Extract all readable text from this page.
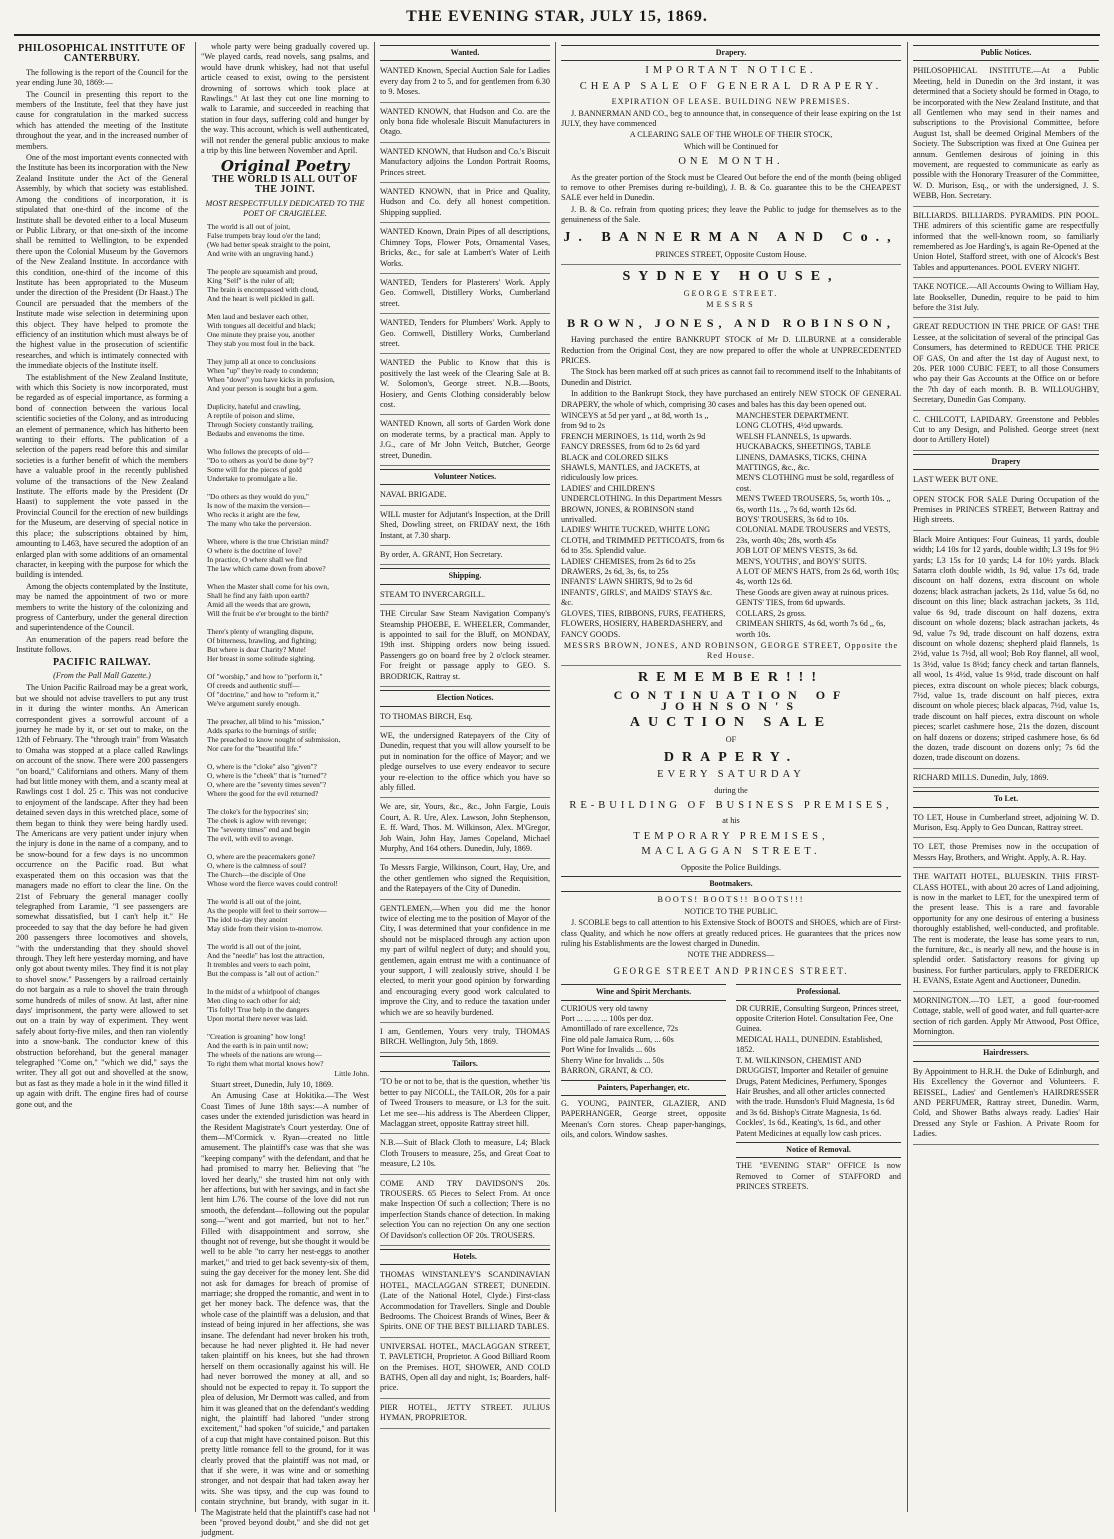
THE EVENING STAR, JULY 15, 1869.

PHILOSOPHICAL INSTITUTE OF CANTERBURY.

The following is the report of the Council for the year ending June 30, 1869:—

The Council in presenting this report to the members of the Institute, feel that they have just cause for congratulation in the marked success which has attended the meeting of the Institute throughout the year, and in the increased number of members.

One of the most important events connected with the Institute has been its incorporation with the New Zealand Institute under the Act of the General Assembly, by which that society was established. Among the conditions of incorporation, it is stipulated that one-third of the income of the Institute shall be devoted either to a local Museum or Public Library, or that one-sixth of the income shall be remitted to Wellington, to be expended there upon the Colonial Museum by the Governors of the New Zealand Institute. In accordance with this condition, one-third of the income of this Institute has been appropriated to the Museum under the direction of the President (Dr Haast.) The Council are persuaded that the members of the Institute made wise selection in determining upon this object. They have helped to promote the efficiency of an institution which must always be of the highest value in the prosecution of scientific researches, and which is intimately connected with the immediate objects of the Institute itself.

The establishment of the New Zealand Institute, with which this Society is now incorporated, must be regarded as of especial importance, as forming a bond of connection between the various local scientific societies of the Colony, and as introducing an element of permanence, which has hitherto been wanting to their efforts. The publication of a selection of the papers read before this and similar societies is a further benefit of which the members have a valuable proof in the recently published volume of the transactions of the New Zealand Institute. The efforts made by the President (Dr Haast) to supplement the vote passed in the Provincial Council for the erection of new buildings for the Museum, are deserving of special notice in this place; the subscriptions obtained by him, amounting to L463, have secured the adoption of an enlarged plan with some additions of an ornamental character, in keeping with the purpose for which the building is intended.

Among the objects contemplated by the Institute, may be named the appointment of two or more members to write the history of the colonizing and progress of Canterbury, under the general direction and superintendence of the Council.

An enumeration of the papers read before the Institute follows.

PACIFIC RAILWAY.

(From the Pall Mall Gazette.)

The Union Pacific Railroad may be a great work, but we should not advise travellers to put any trust in it during the winter months. An American correspondent gives a sorrowful account of a journey he made by it, or set out to make, on the 12th of February. The "through train" from Wasatch to Omaha was stopped at a place called Rawlings on account of the snow. There were 200 passengers "on board," Californians and others. Many of them had but little money with them, and a scanty meal at Rawlings cost 1 dol. 25 c. This was not conducive to enjoyment of the landscape. After they had been detained seven days in this wretched place, some of them began to think they were being hardly used. The Americans are very patient under injury when the injury is done in the name of a company, and to be snow-bound for a few days is no uncommon occurrence on the Pacific road. But what exasperated them on this occasion was that the managers made no effort to clear the line. On the 21st of February the general manager coolly telegraphed from Laramie, "I see passengers are somewhat dissatisfied, but I can't help it." He proceeded to say that the day before he had given 200 passengers three locomotives and shovels, "with the understanding that they should shovel through. They left here yesterday morning, and have only got about twenty miles. They find it is not play to shovel snow." Passengers by a railroad certainly do not bargain as a rule to shovel the train through some hundreds of miles of snow. At last, after nine days' imprisonment, the party were allowed to set out on a train by way of experiment. They went safely about forty-five miles, and then ran violently into a snow-bank. The conductor knew of this obstruction beforehand, but the general manager telegraphed "Come on," "which we did," says the writer. They all got out and shovelled at the snow, but as fast as they made a hole in it the wind filled it up again with drift. The engine fires had of course gone out, and the

whole party were being gradually covered up. "We played cards, read novels, sang psalms, and would have drunk whiskey, had not that useful article ceased to exist, owing to the persistent drowning of sorrows which took place at Rawlings." At last they cut one line morning to walk to Laramie, and succeeded in reaching that station in four days, suffering cold and hunger by the way. This account, which is well authenticated, will not render the general public anxious to make a trip by this line between November and April.

Original Poetry

THE WORLD IS ALL OUT OF THE JOINT.

MOST RESPECTFULLY DEDICATED TO THE POET OF CRAIGIELEE.

The world is all out of joint,
False trumpets bray loud o'er the land;
(We had better speak straight to the point,
And write with an ungraving hand.)

The people are squeamish and proud,
King "Self" is the ruler of all;
The brain is encompassed with cloud,
And the heart is well pickled in gall.

Men laud and beslaver each other,
With tongues all deceitful and black;
One minute they praise you, another
They stab you most foul in the back.

They jump all at once to conclusions
When "up" they're ready to condemn;
When "down" you have kicks in profusion,
And your person is sought but a gem.

Duplicity, hateful and crawling,
A reptile of poison and slime,
Through Society constantly trailing,
Bedaubs and envenoms the time.

Who follows the precepts of old—
"Do to others as you'd be done by"?
Some will for the pieces of gold
Undertake to promulgate a lie.

"Do others as they would do you,"
Is now of the maxim the version—
Who recks it aright are the few,
The many who take the perversion.

Where, where is the true Christian mind?
O where is the doctrine of love?
In practice, O where shall we find
The law which came down from above?

When the Master shall come for his own,
Shall he find any faith upon earth?
Amid all the weeds that are grown,
Will the fruit be e'er brought to the birth?

There's plenty of wrangling dispute,
Of bitterness, brawling, and fighting;
But where is dear Charity? Mute!
Her breast in some solitude sighting.

Of "worship," and how to "perform it,"
Of creeds and authentic stuff—
Of "doctrine," and how to "reform it,"
We've argument surely enough.

The preacher, all blind to his "mission,"
Adds sparks to the burnings of strife;
The preached to know nought of submission,
Nor care for the "beautiful life."

O, where is the "cloke" also "given"?
O, where is the "cheek" that is "turned"?
O, where are the "seventy times seven"?
Where the good for the evil returned?

The cloke's for the hypocrites' sin;
The cheek is aglow with revenge;
The "seventy times" end and begin
The evil, with evil to avenge.

O, where are the peacemakers gone?
O, where is the calmness of soul?
The Church—the disciple of One
Whose word the fierce waves could control!

The world is all out of the joint,
As the people will feel to their sorrow—
The idol to-day they anoint
May slide from their vision to-morrow.

The world is all out of the joint,
And the "needle" has lost the attraction,
It trembles and veers to each point,
But the compass is "all out of action."

In the midst of a whirlpool of changes
Men cling to each other for aid;
'Tis folly! True help in the dangers
Upon mortal there never was laid.

"Creation is groaning" how long!
And the earth is in pain until now;
The wheels of the nations are wrong—
To right them what mortal knows how?

Little John.

Stuart street, Dunedin, July 10, 1869.

An Amusing Case at Hokitika.—The West Coast Times of June 18th says:—A number of cases under the extended jurisdiction was heard in the Resident Magistrate's Court yesterday. One of them—M'Cormick v. Ryan—created no little amusement. The plaintiff's case was that she was "keeping company" with the defendant, and that he had promised to marry her. Believing that "he loved her dearly," she trusted him not only with her affections, but with her savings, and in fact she lent him L76. The course of the love did not run smooth, the defendant—following out the popular song—"went and got married, but not to her." Filled with disappointment and sorrow, she thought not of revenge, but she thought it would be well to be able "to carry her nest-eggs to another market," and tried to get back seventy-six of them, suing the gay deceiver for the money lent. She did not ask for damages for breach of promise of marriage; she dropped the romantic, and went in to get her money back. The defence was, that the whole case of the plaintiff was a delusion, and that instead of being injured in her affections, she was insane. The defendant had never broken his troth, because he had never plighted it. He had never taken plaintiff on his knees, but she had thrown herself on them occasionally against his will. He had never borrowed the money at all, and so should not be expected to repay it. To support the plea of delusion, Mr Dermott was called, and from him it was gleaned that on the defendant's wedding night, the plaintiff had labored "under strong excitement," had spoken "of suicide," and partaken of a cup that might have contained poison. But this pretty little romance fell to the ground, for it was clearly proved that the plaintiff was not mad, or that if she were, it was wine and or something stronger, and not despair that had taken away her wits. She was tipsy, and the cup was found to contain strychnine, but brandy, with sugar in it. The Magistrate held that the plaintiff's case had not been "proved beyond doubt," and she did not get judgment.

Wanted.

WANTED Known, Special Auction Sale for Ladies every day from 2 to 5, and for gentlemen from 6.30 to 9. Moses.

WANTED KNOWN, that Hudson and Co. are the only bona fide wholesale Biscuit Manufacturers in Otago.

WANTED KNOWN, that Hudson and Co.'s Biscuit Manufactory adjoins the London Portrait Rooms, Princes street.

WANTED KNOWN, that in Price and Quality, Hudson and Co. defy all honest competition. Shipping supplied.

WANTED Known, Drain Pipes of all descriptions, Chimney Tops, Flower Pots, Ornamental Vases, Bricks, &c., for sale at Lambert's Water of Leith Works.

WANTED, Tenders for Plasterers' Work. Apply Geo. Cornwell, Distillery Works, Cumberland street.

WANTED, Tenders for Plumbers' Work. Apply to Geo. Cornwell, Distillery Works, Cumberland street.

WANTED the Public to Know that this is positively the last week of the Clearing Sale at B. W. Solomon's, George street. N.B.—Boots, Hosiery, and Gents Clothing considerably below cost.

WANTED Known, all sorts of Garden Work done on moderate terms, by a practical man. Apply to J.G., care of Mr John Veitch, Butcher, George street, Dunedin.

Volunteer Notices.

NAVAL BRIGADE.

WILL muster for Adjutant's Inspection, at the Drill Shed, Dowling street, on FRIDAY next, the 16th Instant, at 7.30 sharp.

By order, A. GRANT, Hon Secretary.

Shipping.

STEAM TO INVERCARGILL.

THE Circular Saw Steam Navigation Company's Steamship PHOEBE, E. WHEELER, Commander, is appointed to sail for the Bluff, on MONDAY, 19th inst. Shipping orders now being issued. Passengers go on board free by 2 o'clock steamer. For freight or passage apply to GEO. S. BRODRICK, Rattray st.

Election Notices.

TO THOMAS BIRCH, Esq.

WE, the undersigned Ratepayers of the City of Dunedin, request that you will allow yourself to be put in nomination for the office of Mayor; and we pledge ourselves to use every endeavor to secure your re-election to the office which you have so ably filled.

We are, sir, Yours, &c., &c., John Fargie, Louis Court, A. R. Ure, Alex. Lawson, John Stephenson, E. ff. Ward, Thos. M. Wilkinson, Alex. M'Gregor, Job Wain, John Hay, James Copeland, Michael Murphy, And 164 others. Dunedin, July, 1869.

To Messrs Fargie, Wilkinson, Court, Hay, Ure, and the other gentlemen who signed the Requisition, and the Ratepayers of the City of Dunedin.

GENTLEMEN,—When you did me the honor twice of electing me to the position of Mayor of the City, I was determined that your confidence in me should not be misplaced through any action upon my part of wilful neglect of duty; and should you, gentlemen, again entrust me with a continuance of your support, I will zealously strive, should I be elected, to merit your good opinion by forwarding and encouraging every good work calculated to improve the City, and to reduce the taxation under which we are so heavily burdened.

I am, Gentlemen, Yours very truly, THOMAS BIRCH. Wellington, July 5th, 1869.

Tailors.

'TO be or not to be, that is the question, whether 'tis better to pay NICOLL, the TAILOR, 20s for a pair of Tweed Trousers to measure, or L3 for the suit. Let me see—his address is The Aberdeen Clipper, Maclaggan street, opposite Rattray street hill.

N.B.—Suit of Black Cloth to measure, L4; Black Cloth Trousers to measure, 25s, and Great Coat to measure, L2 10s.

COME AND TRY DAVIDSON'S 20s. TROUSERS. 65 Pieces to Select From. At once make Inspection Of such a collection; There is no imperfection Stands chance of detection. In making selection You can no rejection On any one section Of Davidson's collection OF 20s. TROUSERS.

Hotels.

THOMAS WINSTANLEY'S SCANDINAVIAN HOTEL, MACLAGGAN STREET, DUNEDIN. (Late of the National Hotel, Clyde.) First-class Accommodation for Travellers. Single and Double Bedrooms. The Choicest Brands of Wines, Beer & Spirits. ONE OF THE BEST BILLIARD TABLES.

UNIVERSAL HOTEL, MACLAGGAN STREET, T. PAVLETICH, Proprietor. A Good Billiard Room on the Premises. HOT, SHOWER, AND COLD BATHS, Open all day and night, 1s; Boarders, half-price.

PIER HOTEL, JETTY STREET. JULIUS HYMAN, PROPRIETOR.

Drapery.

IMPORTANT NOTICE.

CHEAP SALE OF GENERAL DRAPERY.

EXPIRATION OF LEASE. BUILDING NEW PREMISES.

J. BANNERMAN AND CO., beg to announce that, in consequence of their lease expiring on the 1st JULY, they have commenced

A CLEARING SALE OF THE WHOLE OF THEIR STOCK,

Which will be Continued for

ONE MONTH.

As the greater portion of the Stock must be Cleared Out before the end of the month (being obliged to remove to other Premises during re-building), J. B. & Co. guarantee this to be the CHEAPEST SALE ever held in Dunedin.

J. B. & Co. refrain from quoting prices; they leave the Public to judge for themselves as to the genuineness of the Sale.

J. BANNERMAN AND Co.,

PRINCES STREET, Opposite Custom House.

SYDNEY HOUSE,

GEORGE STREET.

MESSRS

BROWN, JONES, AND ROBINSON,

Having purchased the entire BANKRUPT STOCK of Mr D. LILBURNE at a considerable Reduction from the Original Cost, they are now prepared to offer the whole at UNPRECEDENTED PRICES.

The Stock has been marked off at such prices as cannot fail to recommend itself to the Inhabitants of Dunedin and District.

In addition to the Bankrupt Stock, they have purchased an entirely NEW STOCK OF GENERAL DRAPERY, the whole of which, comprising 30 cases and bales has this day been opened out.

WINCEYS at 5d per yard ,, at 8d, worth 1s ,, from 9d to 2s
FRENCH MERINOES, 1s 11d, worth 2s 9d
FANCY DRESSES, from 6d to 2s 6d yard
BLACK and COLORED SILKS
SHAWLS, MANTLES, and JACKETS, at ridiculously low prices.
LADIES' and CHILDREN'S UNDERCLOTHING. In this Department Messrs BROWN, JONES, & ROBINSON stand unrivalled.
LADIES' WHITE TUCKED, WHITE LONG CLOTH, and TRIMMED PETTICOATS, from 6s 6d to 35s. Splendid value.
LADIES' CHEMISES, from 2s 6d to 25s
DRAWERS, 2s 6d, 3s, 6s, to 25s
INFANTS' LAWN SHIRTS, 9d to 2s 6d
INFANTS', GIRLS', and MAIDS' STAYS &c. &c.
GLOVES, TIES, RIBBONS, FURS, FEATHERS, FLOWERS, HOSIERY, HABERDASHERY, and FANCY GOODS.

MANCHESTER DEPARTMENT.
LONG CLOTHS, 4½d upwards.
WELSH FLANNELS, 1s upwards.
HUCKABACKS, SHEETINGS, TABLE LINENS, DAMASKS, TICKS, CHINA MATTINGS, &c., &c.
MEN'S CLOTHING must be sold, regardless of cost.
MEN'S TWEED TROUSERS, 5s, worth 10s. ,, 6s, worth 11s. ,, 7s 6d, worth 12s 6d.
BOYS' TROUSERS, 3s 6d to 10s.
COLONIAL MADE TROUSERS and VESTS, 23s, worth 40s; 28s, worth 45s
JOB LOT OF MEN'S VESTS, 3s 6d.
MEN'S, YOUTHS', and BOYS' SUITS.
A LOT OF MEN'S HATS, from 2s 6d, worth 10s; 4s, worth 12s 6d.
These Goods are given away at ruinous prices.
GENTS' TIES, from 6d upwards.
COLLARS, 2s gross.
CRIMEAN SHIRTS, 4s 6d, worth 7s 6d ,, 6s, worth 10s.

MESSRS BROWN, JONES, AND ROBINSON, GEORGE STREET, Opposite the Red House.

REMEMBER!!!

CONTINUATION OF JOHNSON'S

AUCTION SALE

OF

DRAPERY.

EVERY SATURDAY

during the

RE-BUILDING OF BUSINESS PREMISES,

at his

TEMPORARY PREMISES,

MACLAGGAN STREET.

Opposite the Police Buildings.

Bootmakers.

BOOTS! BOOTS!! BOOTS!!!

NOTICE TO THE PUBLIC.

J. SCOBLE begs to call attention to his Extensive Stock of BOOTS and SHOES, which are of First-class Quality, and which he now offers at greatly reduced prices. He guarantees that the prices now ruling his Establishments are the lowest charged in Dunedin.

NOTE THE ADDRESS—

GEORGE STREET AND PRINCES STREET.

Wine and Spirit Merchants.

CURIOUS very old tawny
Port ... ... ... ... 100s per doz.
Amontillado of rare excellence, 72s
Fine old pale Jamaica Rum, ... 60s
Port Wine for Invalids ... 60s
Sherry Wine for Invalids ... 50s
BARRON, GRANT, & CO.

Painters, Paperhanger, etc.

G. YOUNG, PAINTER, GLAZIER, AND PAPERHANGER, George street, opposite Meenan's Corn stores. Cheap paper-hangings, oils, and colors. Window sashes.

Professional.

DR CURRIE, Consulting Surgeon, Princes street, opposite Criterion Hotel. Consultation Fee, One Guinea.
MEDICAL HALL, DUNEDIN. Established, 1852.
T. M. WILKINSON, CHEMIST AND DRUGGIST, Importer and Retailer of genuine Drugs, Patent Medicines, Perfumery, Sponges Hair Brushes, and all other articles connected with the trade. Hunsdon's Fluid Magnesia, 1s 6d and 3s 6d. Bishop's Citrate Magnesia, 1s 6d. Cockles', 1s 6d., Keating's, 1s 6d., and other Patent Medicines at equally low cash prices.

Notice of Removal.

THE "EVENING STAR" OFFICE Is now Removed to Corner of STAFFORD and PRINCES STREETS.

Public Notices.

PHILOSOPHICAL INSTITUTE.—At a Public Meeting, held in Dunedin on the 3rd instant, it was determined that a Society should be formed in Otago, to be incorporated with the New Zealand Institute, and that all Gentlemen who may send in their names and subscriptions to the Provisional Committee, before August 1st, shall be deemed Original Members of the Society. The Subscription was fixed at One Guinea per annum. Gentlemen desirous of joining in this movement, are requested to communicate as early as possible with the Honorary Treasurer of the Committee, W. D. Murison, Esq., or with the undersigned, J. S. WEBB, Hon. Secretary.

BILLIARDS. BILLIARDS. PYRAMIDS. PIN POOL. THE admirers of this scientific game are respectfully informed that the well-known room, so familiarly remembered as Joe Harding's, is again Re-Opened at the Union Hotel, Stafford street, with one of Alcock's Best Tables and appurtenances. POOL EVERY NIGHT.

TAKE NOTICE.—All Accounts Owing to William Hay, late Bookseller, Dunedin, require to be paid to him before the 31st July.

GREAT REDUCTION IN THE PRICE OF GAS! THE Lessee, at the solicitation of several of the principal Gas Consumers, has determined to REDUCE THE PRICE OF GAS, On and after the 1st day of August next, to 20s. PER 1000 CUBIC FEET, to all those Consumers who pay their Gas Accounts at the Office on or before the 7th day of each month. B. B. WILLOUGHBY, Secretary, Dunedin Gas Company.

C. CHILCOTT, LAPIDARY. Greenstone and Pebbles Cut to any Design, and Polished. George street (next door to Artillery Hotel)

Drapery

LAST WEEK BUT ONE.

OPEN STOCK FOR SALE During Occupation of the Premises in PRINCES STREET, Between Rattray and High streets.

Black Moire Antiques: Four Guineas, 11 yards, double width; L4 10s for 12 yards, double width; L3 19s for 9½ yards; L3 15s for 10 yards; L4 for 10½ yards. Black Satarra cloth double width, 1s 9d, value 17s 6d, trade discount on half dozens, extra discount on whole dozens; black astrachan jackets, 2s 11d, value 5s 6d, no discount on this line; black astrachan jackets, 3s 11d, value 6s 9d, trade discount on half dozens, extra discount on whole dozens; black astrachan jackets, 4s 9d, value 7s 9d, trade discount on half dozens, extra discount on whole dozens; shepherd plaid flannels, 1s 2½d, value 1s 7½d, all wool; Bob Roy flannel, all wool, 1s 3½d, value 1s 8½d; fancy check and tartan flannels, all wool, 1s 4½d, value 1s 9½d, trade discount on half pieces, extra discount on whole pieces; black coburgs, 7½d, value 1s, trade discount on half pieces, extra discount on whole pieces; black alpacas, 7½d, value 1s, trade discount on half pieces, extra discount on whole pieces; scarlet cashmere hose, 21s the dozen, discount on half dozens or dozens; striped cashmere hose, 6s 6d the dozen, trade discount on dozens only; 7s 6d the dozen, trade discount on dozens.

RICHARD MILLS. Dunedin, July, 1869.

To Let.

TO LET, House in Cumberland street, adjoining W. D. Murison, Esq. Apply to Geo Duncan, Rattray street.

TO LET, those Premises now in the occupation of Messrs Hay, Brothers, and Wright. Apply, A. R. Hay.

THE WAITATI HOTEL, BLUESKIN. THIS FIRST-CLASS HOTEL, with about 20 acres of Land adjoining, is now in the market to LET, for the unexpired term of the present lease. This is a rare and favorable opportunity for any one desirous of entering a business thoroughly established, well-conducted, and profitable. The rent is moderate, the lease has some years to run, the furniture, &c., is nearly all new, and the house is in splendid order. Satisfactory reasons for giving up business. For further particulars, apply to FREDERICK H. EVANS, Estate Agent and Auctioneer, Dunedin.

MORNINGTON.—TO LET, a good four-roomed Cottage, stable, well of good water, and full quarter-acre section of rich garden. Apply Mr Attwood, Post Office, Mornington.

Hairdressers.

By Appointment to H.R.H. the Duke of Edinburgh, and His Excellency the Governor and Volunteers. F. BEISSEL, Ladies' and Gentlemen's HAIRDRESSER AND PERFUMER, Rattray street, Dunedin. Warm, Cold, and Shower Baths always ready. Ladies' Hair Dressed any Style or Fashion. A Private Room for Ladies.
